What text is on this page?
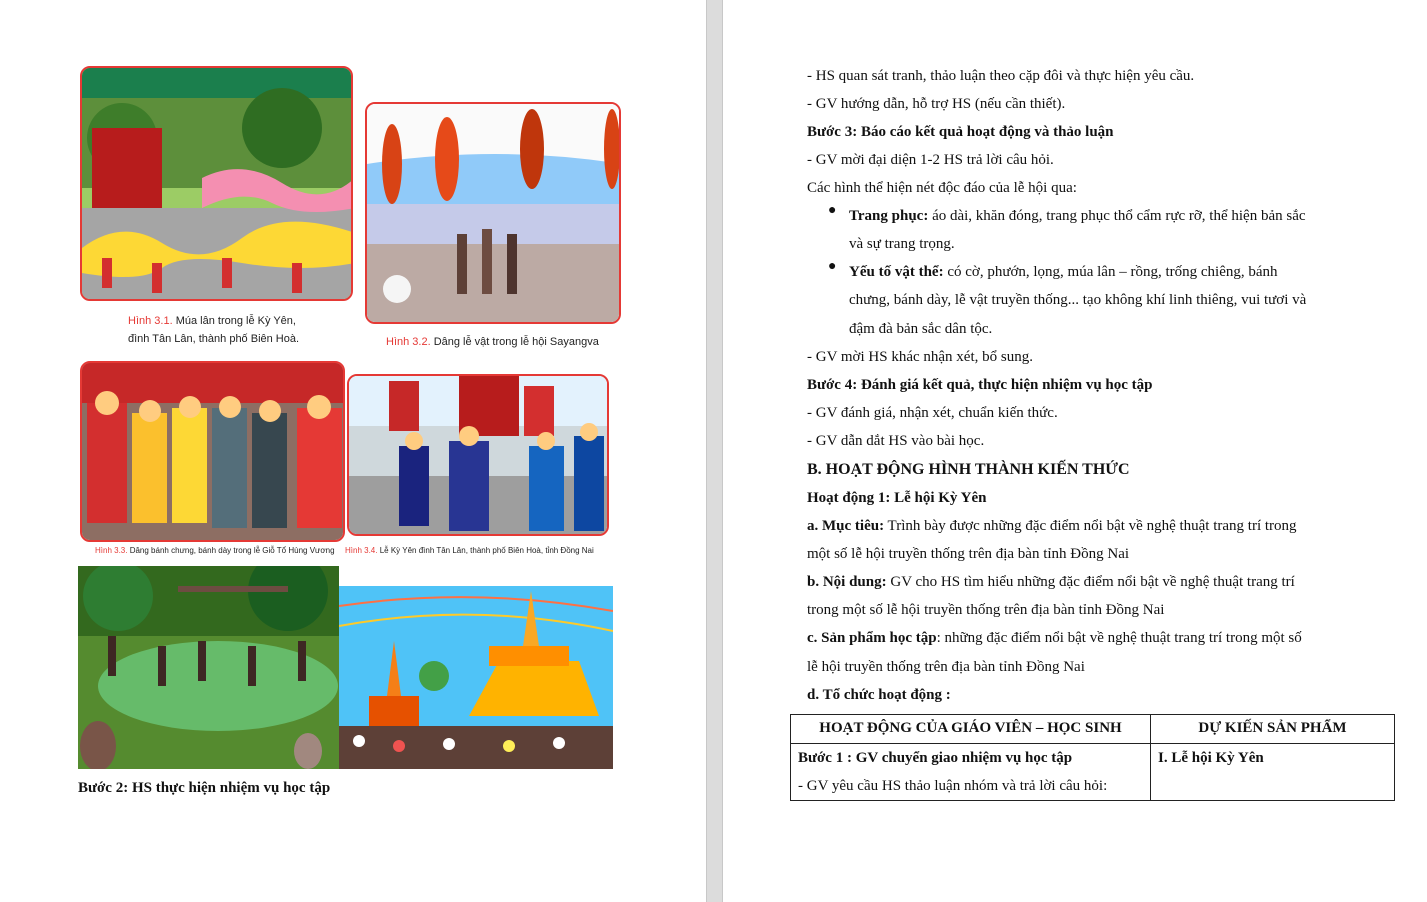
Hình 3.1. Múa lân trong lễ Kỳ Yên,
đình Tân Lân, thành phố Biên Hoà.	Hình 3.2. Dâng lễ vật trong lễ hội Sayangva
Hình 3.3. Dâng bánh chưng, bánh dày trong lễ Giỗ Tổ Hùng Vương Hình 3.4. Lễ Kỳ Yên đình Tân Lân, thành phố Biên Hoà, tỉnh Đồng Nai
Bước 2: HS thực hiện nhiệm vụ học tập
- HS quan sát tranh, thảo luận theo cặp đôi và thực hiện yêu cầu.
- GV hướng dẫn, hỗ trợ HS (nếu cần thiết).
Bước 3: Báo cáo kết quả hoạt động và thảo luận
- GV mời đại diện 1-2 HS trả lời câu hỏi.
Các hình thể hiện nét độc đáo của lễ hội qua:
● Trang phục: áo dài, khăn đóng, trang phục thổ cẩm rực rỡ, thể hiện bản sắc
và sự trang trọng.
● Yếu tố vật thể: có cờ, phướn, lọng, múa lân – rồng, trống chiêng, bánh
chưng, bánh dày, lễ vật truyền thống... tạo không khí linh thiêng, vui tươi và
đậm đà bản sắc dân tộc.
- GV mời HS khác nhận xét, bổ sung.
Bước 4: Đánh giá kết quả, thực hiện nhiệm vụ học tập
- GV đánh giá, nhận xét, chuẩn kiến thức.
- GV dẫn dắt HS vào bài học.
B. HOẠT ĐỘNG HÌNH THÀNH KIẾN THỨC
Hoạt động 1: Lễ hội Kỳ Yên
a. Mục tiêu: Trình bày được những đặc điểm nổi bật về nghệ thuật trang trí trong
một số lễ hội truyền thống trên địa bàn tỉnh Đồng Nai
b. Nội dung: GV cho HS tìm hiểu những đặc điểm nổi bật về nghệ thuật trang trí
trong một số lễ hội truyền thống trên địa bàn tỉnh Đồng Nai
c. Sản phẩm học tập: những đặc điểm nổi bật về nghệ thuật trang trí trong một số
lễ hội truyền thống trên địa bàn tỉnh Đồng Nai
d. Tổ chức hoạt động :
HOẠT ĐỘNG CỦA GIÁO VIÊN – HỌC SINH	DỰ KIẾN SẢN PHẨM

Bước 1 : GV chuyển giao nhiệm vụ học tập
- GV yêu cầu HS thảo luận nhóm và trả lời câu hỏi:	I. Lễ hội Kỳ Yên
